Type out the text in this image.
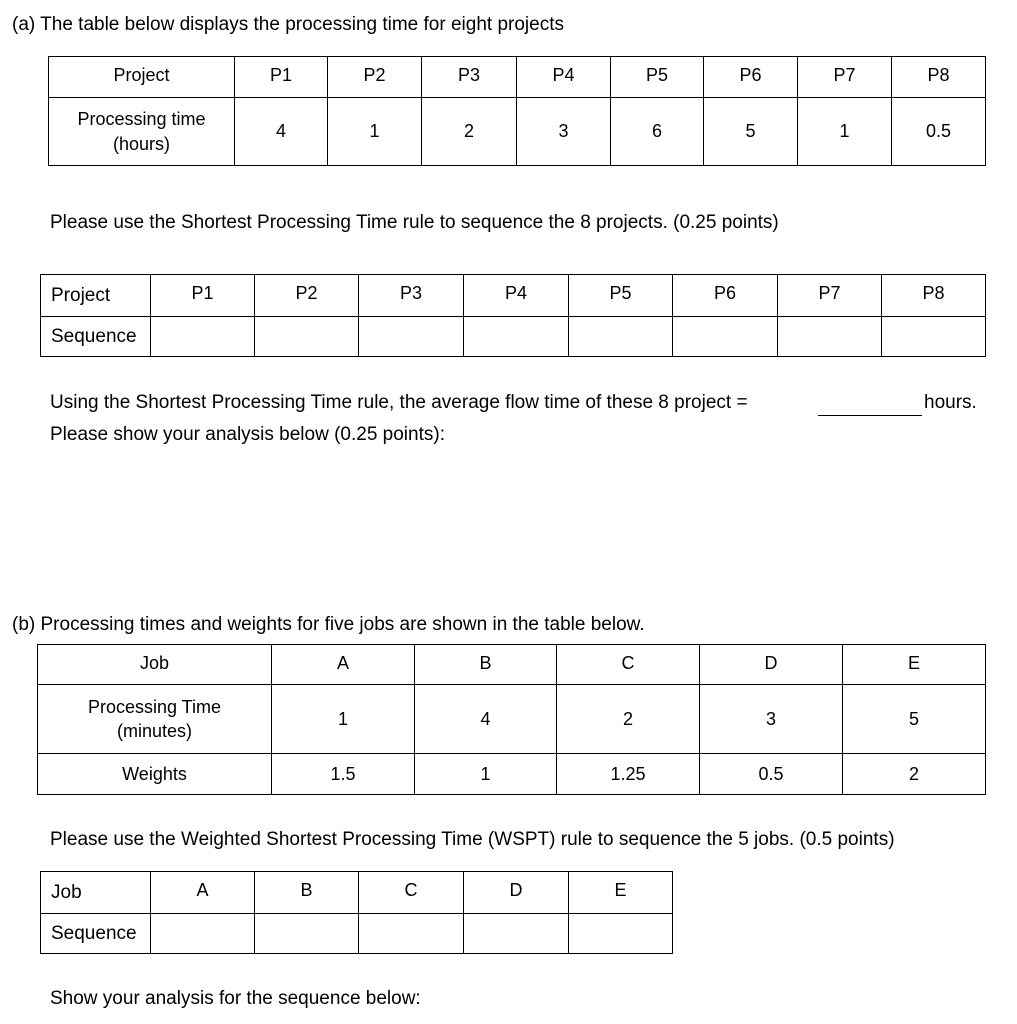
(a) The table below displays the processing time for eight projects
Project	P1	P2	P3	P4	P5	P6	P7	P8

Processing time
(hours)	4	1	2	3	6	5	1	0.5
Please use the Shortest Processing Time rule to sequence the 8 projects. (0.25 points)
Project	P1	P2	P3	P4	P5	P6	P7	P8
Sequence								
Using the Shortest Processing Time rule, the average flow time of these 8 project =	hours.
Please show your analysis below (0.25 points):
(b) Processing times and weights for five jobs are shown in the table below.
Job	A	B	C	D	E

Processing Time
(minutes)	1	4	2	3	5
Weights	1.5	1	1.25	0.5	2
Please use the Weighted Shortest Processing Time (WSPT) rule to sequence the 5 jobs. (0.5 points)
Job	A	B	C	D	E
Sequence					
Show your analysis for the sequence below:
